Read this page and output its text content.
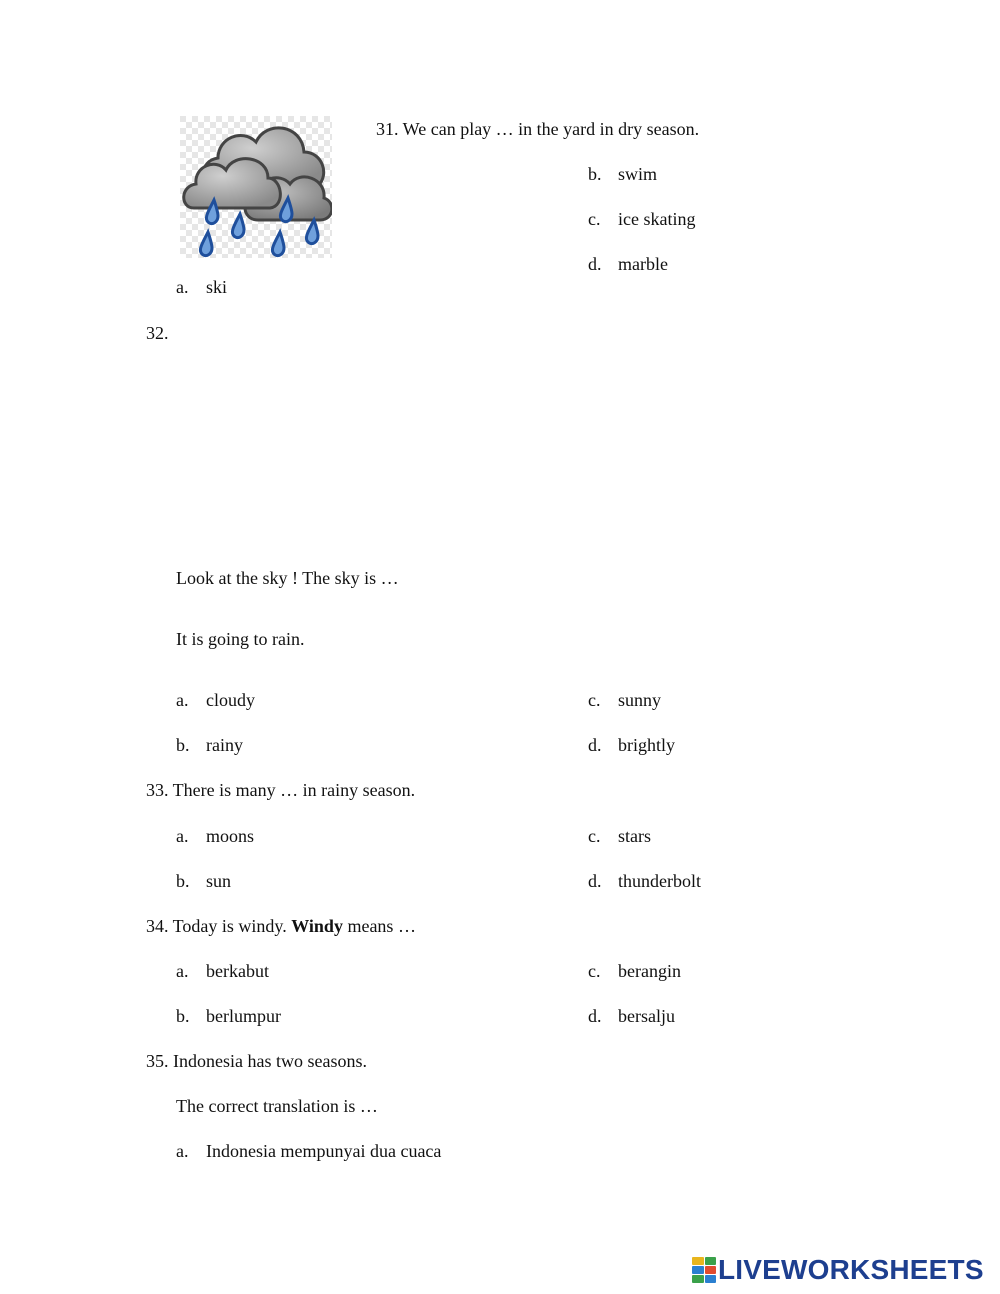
31. We can play … in the yard in dry season.
b. swim
c. ice skating
d. marble
a. ski
32.
Look at the sky ! The sky is …
It is going to rain.
a. cloudy
b. rainy
c. sunny
d. brightly
33. There is many … in rainy season.
a. moons
b. sun
c. stars
d. thunderbolt
34. Today is windy. Windy means …
a. berkabut
b. berlumpur
c. berangin
d. bersalju
35. Indonesia has two seasons.
The correct translation is …
a. Indonesia mempunyai dua cuaca
LIVEWORKSHEETS
